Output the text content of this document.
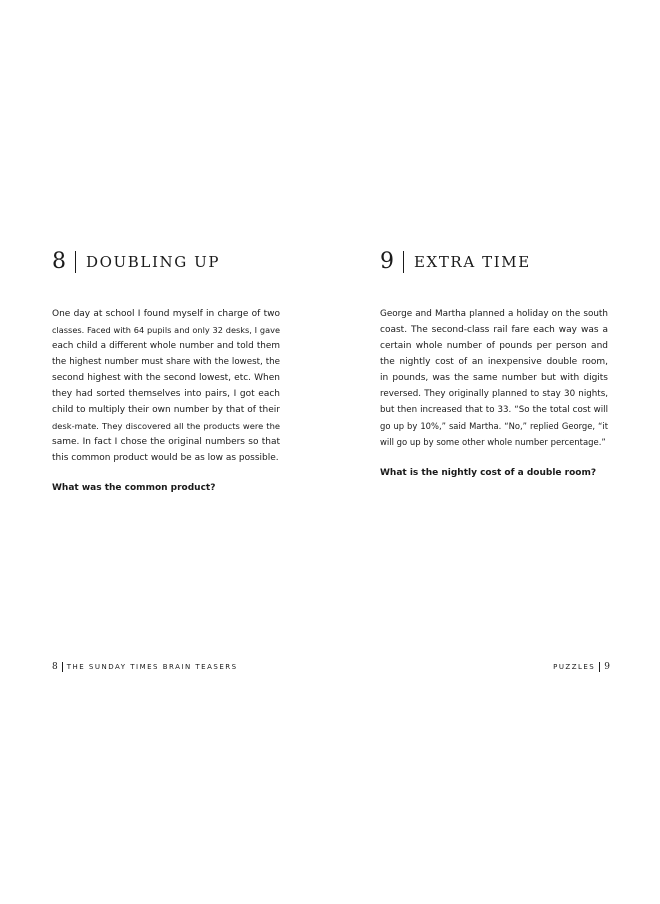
8 DOUBLING UP
One day at school I found myself in charge of two
classes. Faced with 64 pupils and only 32 desks, I gave
each child a different whole number and told them
the highest number must share with the lowest, the
second highest with the second lowest, etc. When
they had sorted themselves into pairs, I got each
child to multiply their own number by that of their
desk-mate. They discovered all the products were the
same. In fact I chose the original numbers so that
this common product would be as low as possible.
What was the common product?
8 THE SUNDAY TIMES BRAIN TEASERS
9 EXTRA TIME
George and Martha planned a holiday on the south
coast. The second-class rail fare each way was a
certain whole number of pounds per person and
the nightly cost of an inexpensive double room,
in pounds, was the same number but with digits
reversed. They originally planned to stay 30 nights,
but then increased that to 33. “So the total cost will
go up by 10%,” said Martha. “No,” replied George, “it
will go up by some other whole number percentage.”
What is the nightly cost of a double room?
PUZZLES 9
